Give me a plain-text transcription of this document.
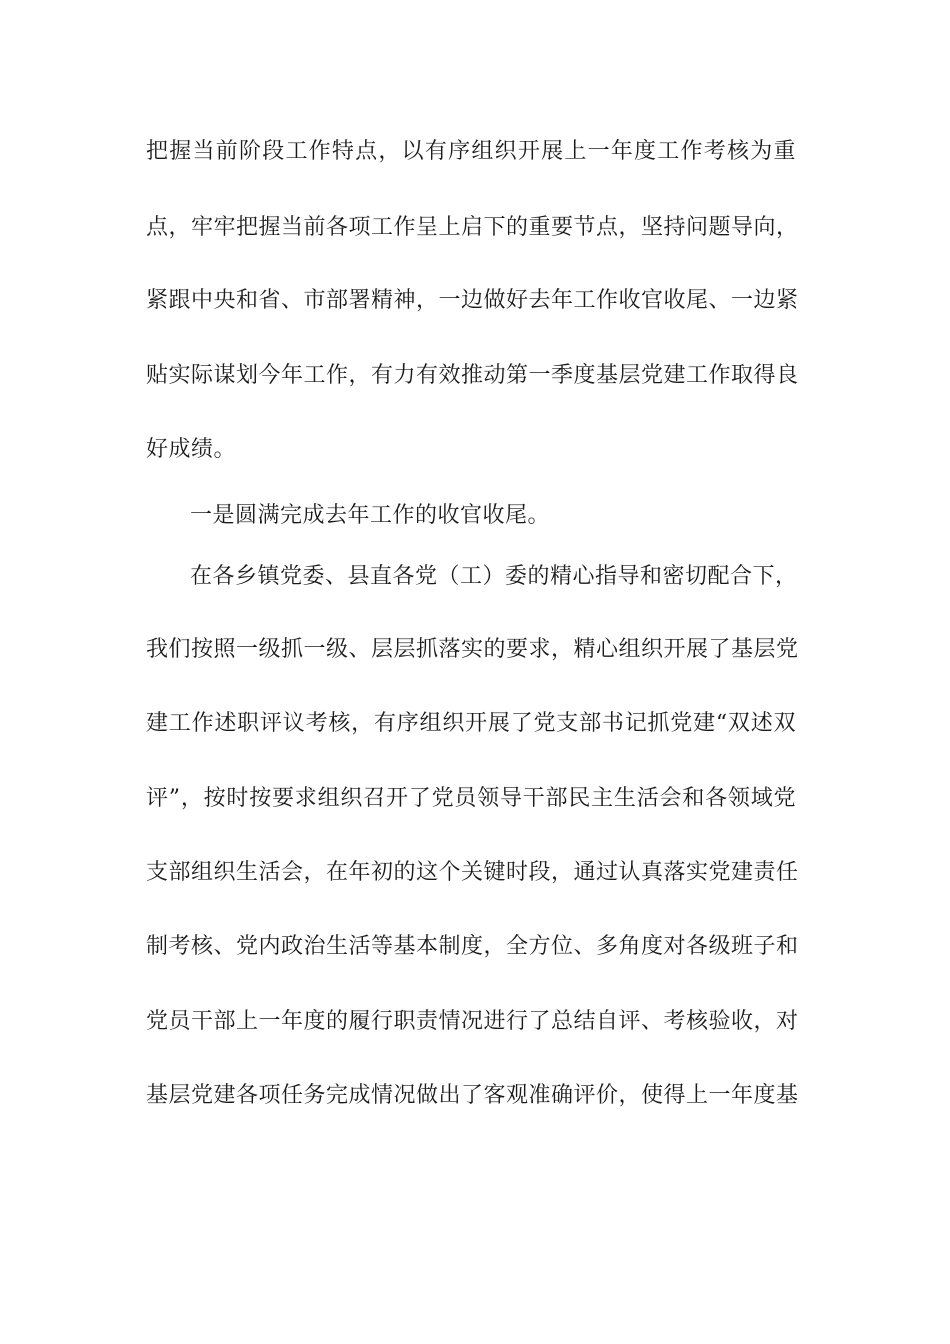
把握当前阶段工作特点，以有序组织开展上一年度工作考核为重
点，牢牢把握当前各项工作呈上启下的重要节点，坚持问题导向，
紧跟中央和省、市部署精神，一边做好去年工作收官收尾、一边紧
贴实际谋划今年工作，有力有效推动第一季度基层党建工作取得良
好成绩。
一是圆满完成去年工作的收官收尾。
在各乡镇党委、县直各党（工）委的精心指导和密切配合下，
我们按照一级抓一级、层层抓落实的要求，精心组织开展了基层党
建工作述职评议考核，有序组织开展了党支部书记抓党建“双述双
评”，按时按要求组织召开了党员领导干部民主生活会和各领域党
支部组织生活会，在年初的这个关键时段，通过认真落实党建责任
制考核、党内政治生活等基本制度，全方位、多角度对各级班子和
党员干部上一年度的履行职责情况进行了总结自评、考核验收，对
基层党建各项任务完成情况做出了客观准确评价，使得上一年度基
